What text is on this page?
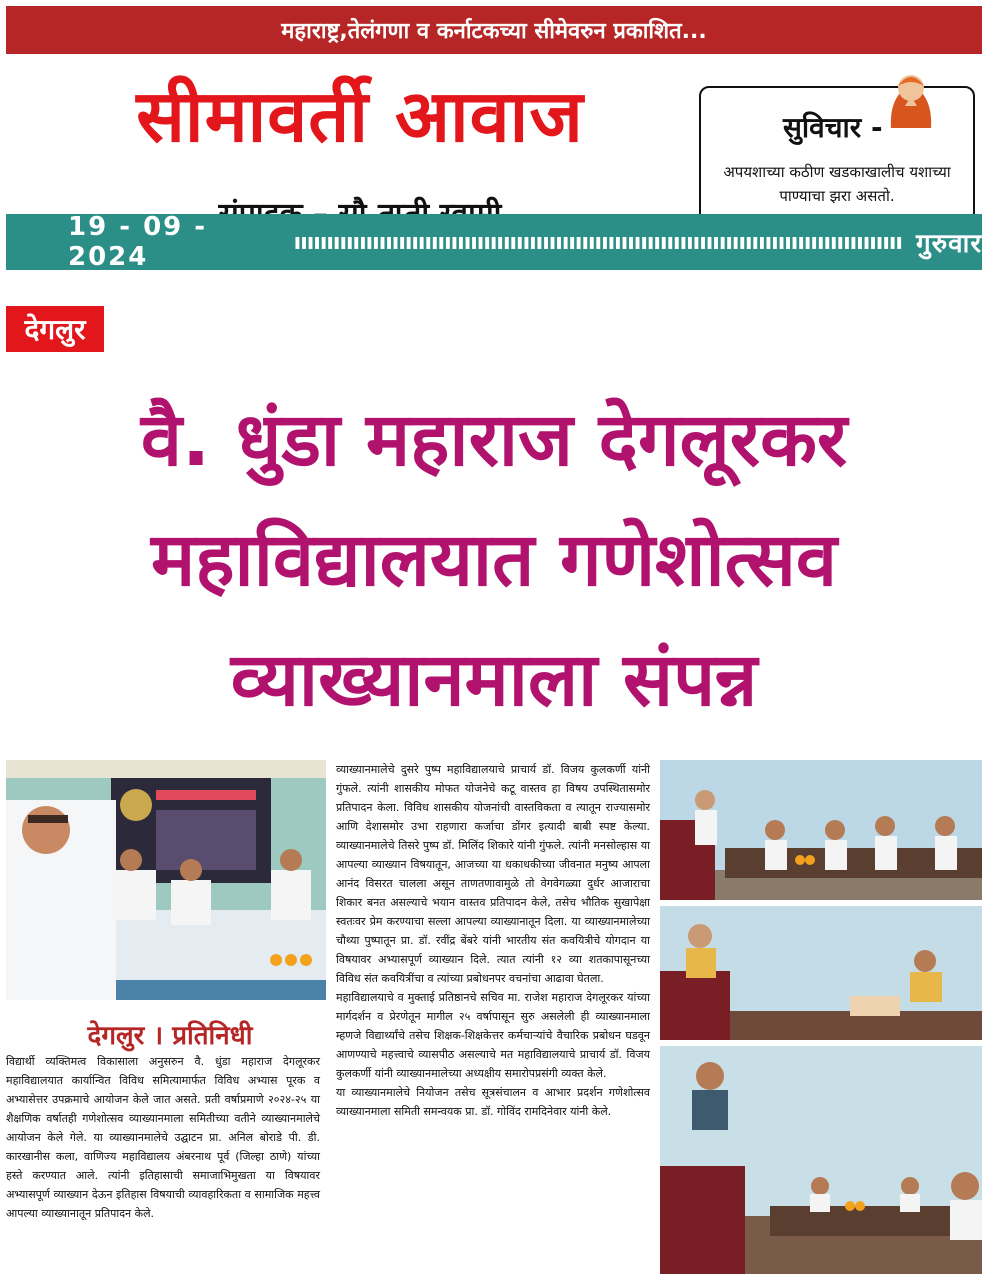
महाराष्ट्र,तेलंगणा व कर्नाटकच्या सीमेवरुन प्रकाशित...
सीमावर्ती आवाज	सुविचार -
अपयशाच्या कठीण खडकाखालीच यशाच्या पाण्याचा झरा असतो.
19 - 09 - 2024	ııııııııııııııııııııııııııııııııııııııııııııııııııııııııııııııııııııııııııııııııııııııııııııı गुरुवार
देगलुर
वै. धुंडा महाराज देगलूरकर
महाविद्यालयात गणेशोत्सव
व्याख्यानमाला संपन्न
देगलुर । प्रतिनिधी
विद्यार्थी व्यक्तिमत्व विकासाला अनुसरुन वै. धुंडा महाराज देगलूरकर महाविद्यालयात कार्यान्वित विविध समित्यामार्फत विविध अभ्यास पूरक व अभ्यासेत्तर उपक्रमाचे आयोजन केले जात असते. प्रती वर्षाप्रमाणे २०२४-२५ या शैक्षणिक वर्षातही गणेशोत्सव व्याख्यानमाला समितीच्या वतीने व्याख्यानमालेचे आयोजन केले गेले. या व्याख्यानमालेचे उद्घाटन प्रा. अनिल बोराडे पी. डी. कारखानीस कला, वाणिज्य महाविद्यालय अंबरनाथ पूर्व (जिल्हा ठाणे) यांच्या हस्ते करण्यात आले. त्यांनी इतिहासाची समाजाभिमुखता या विषयावर अभ्यासपूर्ण व्याख्यान देऊन इतिहास विषयाची व्यावहारिकता व सामाजिक महत्त्व आपल्या व्याख्यानातून प्रतिपादन केले.

व्याख्यानमालेचे दुसरे पुष्प महाविद्यालयाचे प्राचार्य डॉ. विजय कुलकर्णी यांनी गुंफले. त्यांनी शासकीय मोफत योजनेचे कटू वास्तव हा विषय उपस्थितासमोर प्रतिपादन केला. विविध शासकीय योजनांची वास्तविकता व त्यातून राज्यासमोर आणि देशासमोर उभा राहणारा कर्जाचा डोंगर इत्यादी बाबी स्पष्ट केल्या. व्याख्यानमालेचे तिसरे पुष्प डॉ. मिलिंद शिकारे यांनी गुंफले. त्यांनी मनसोल्हास या आपल्या व्याख्यान विषयातून, आजच्या या धकाधकीच्या जीवनात मनुष्य आपला आनंद विसरत चालला असून ताणतणावामुळे तो वेगवेगळ्या दुर्धर आजाराचा शिकार बनत असल्याचे भयान वास्तव प्रतिपादन केले, तसेच भौतिक सुखापेक्षा स्वतःवर प्रेम करण्याचा सल्ला आपल्या व्याख्यानातून दिला. या व्याख्यानमालेच्या चौथ्या पुष्पातून प्रा. डॉ. रवींद्र बेंबरे यांनी भारतीय संत कवयित्रीचे योगदान या विषयावर अभ्यासपूर्ण व्याख्यान दिले. त्यात त्यांनी १२ व्या शतकापासूनच्या विविध संत कवयित्रींचा व त्यांच्या प्रबोधनपर वचनांचा आढावा घेतला.

महाविद्यालयाचे व मुक्ताई प्रतिष्ठानचे सचिव मा. राजेश महाराज देगलूरकर यांच्या मार्गदर्शन व प्रेरणेतून मागील २५ वर्षापासून सुरु असलेली ही व्याख्यानमाला म्हणजे विद्यार्थ्यांचे तसेच शिक्षक-शिक्षकेत्तर कर्मचाऱ्यांचे वैचारिक प्रबोधन घडवून आणण्याचे महत्त्वाचे व्यासपीठ असल्याचे मत महाविद्यालयाचे प्राचार्य डॉ. विजय कुलकर्णी यांनी व्याख्यानमालेच्या अध्यक्षीय समारोपप्रसंगी व्यक्त केले.

या व्याख्यानमालेचे नियोजन तसेच सूत्रसंचालन व आभार प्रदर्शन गणेशोत्सव व्याख्यानमाला समिती समन्वयक प्रा. डॉ. गोविंद रामदिनेवार यांनी केले.
